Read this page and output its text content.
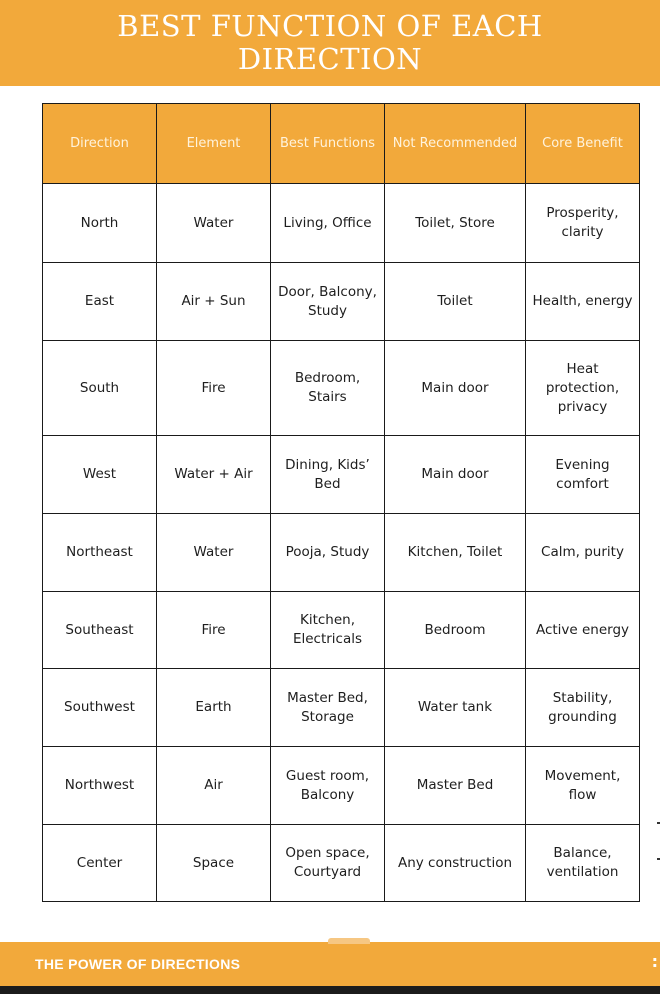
BEST FUNCTION OF EACH DIRECTION
Direction	Element	Best Functions	Not Recommended	Core Benefit
North	Water	Living, Office	Toilet, Store	Prosperity, clarity
East	Air + Sun	Door, Balcony, Study	Toilet	Health, energy
South	Fire	Bedroom, Stairs	Main door	Heat protection, privacy
West	Water + Air	Dining, Kids’ Bed	Main door	Evening comfort
Northeast	Water	Pooja, Study	Kitchen, Toilet	Calm, purity
Southeast	Fire	Kitchen, Electricals	Bedroom	Active energy
Southwest	Earth	Master Bed, Storage	Water tank	Stability, grounding
Northwest	Air	Guest room, Balcony	Master Bed	Movement, flow
Center	Space	Open space, Courtyard	Any construction	Balance, ventilation
THE POWER OF DIRECTIONS	:
